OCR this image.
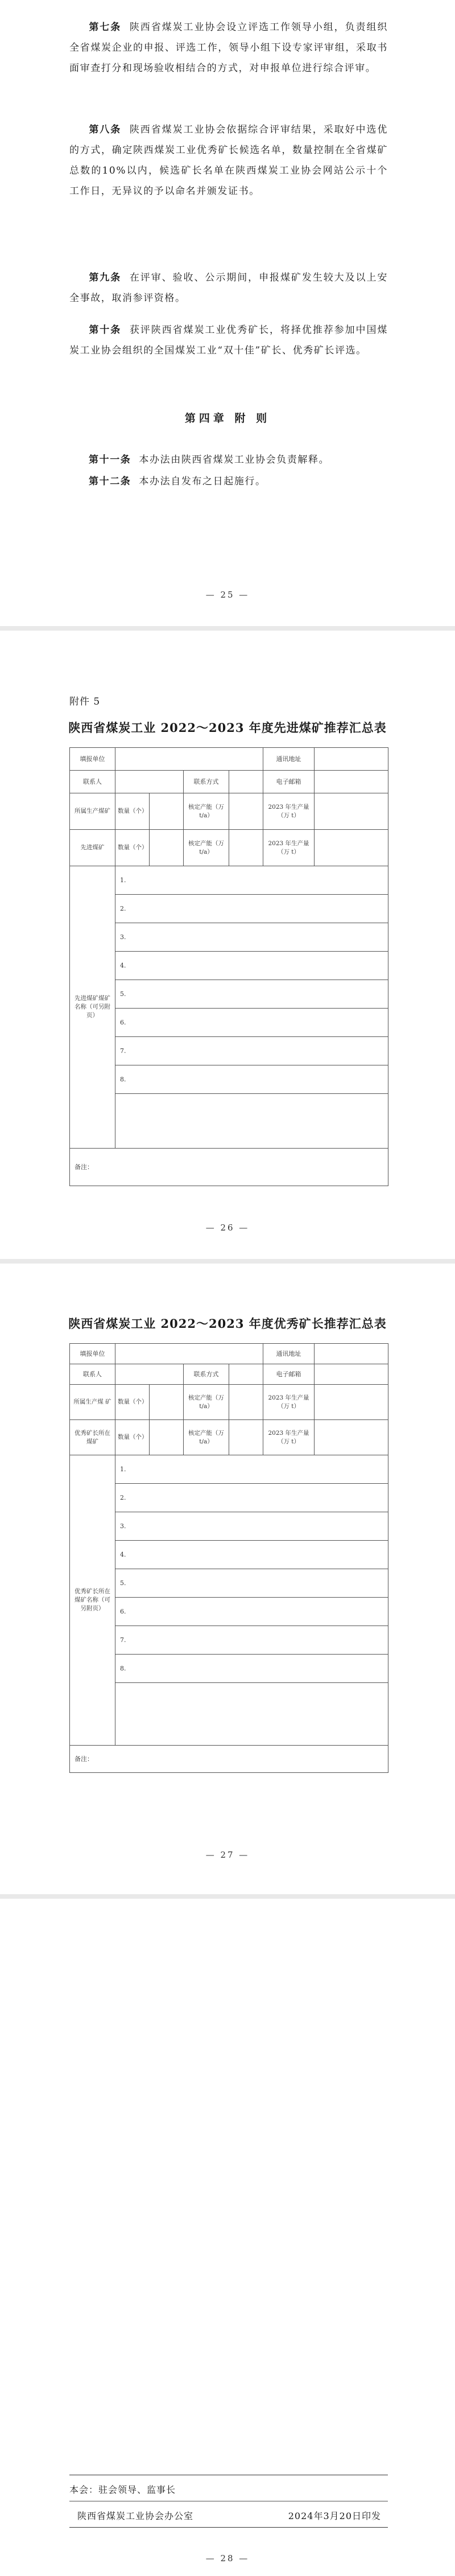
第七条 陕西省煤炭工业协会设立评选工作领导小组，负责组织全省煤炭企业的申报、评选工作，领导小组下设专家评审组，采取书面审查打分和现场验收相结合的方式，对申报单位进行综合评审。

第八条 陕西省煤炭工业协会依据综合评审结果，采取好中选优的方式，确定陕西煤炭工业优秀矿长候选名单，数量控制在全省煤矿总数的10%以内，候选矿长名单在陕西煤炭工业协会网站公示十个工作日，无异议的予以命名并颁发证书。

第九条 在评审、验收、公示期间，申报煤矿发生较大及以上安全事故，取消参评资格。

第十条 获评陕西省煤炭工业优秀矿长，将择优推荐参加中国煤炭工业协会组织的全国煤炭工业“双十佳”矿长、优秀矿长评选。

第四章 附 则

第十一条 本办法由陕西省煤炭工业协会负责解释。

第十二条 本办法自发布之日起施行。

— 25 —
附件 5
陕西省煤炭工业 2022～2023 年度先进煤矿推荐汇总表
填报单位					通讯地址	
联系人			联系方式		电子邮箱	
所属生产煤矿	数量（个）		核定产能（万 t/a）		2023 年生产量（万 t）	
先进煤矿	数量（个）		核定产能（万 t/a）		2023 年生产量（万 t）	
先进煤矿煤矿名称（可另附页）	1.					
	2.					
	3.					
	4.					
	5.					
	6.					
	7.					
	8.					

备注：						
— 26 —
陕西省煤炭工业 2022～2023 年度优秀矿长推荐汇总表
填报单位					通讯地址	
联系人			联系方式		电子邮箱	
所属生产煤 矿	数量（个）		核定产能（万 t/a）		2023 年生产量（万 t）	
优秀矿长所在煤矿	数量（个）		核定产能（万 t/a）		2023 年生产量（万 t）	
优秀矿长所在煤矿名称（可另附页）	1.					
	2.					
	3.					
	4.					
	5.					
	6.					
	7.					
	8.					

备注：						
— 27 —
本会：驻会领导、监事长
陕西省煤炭工业协会办公室	2024年3月20日印发
— 28 —
